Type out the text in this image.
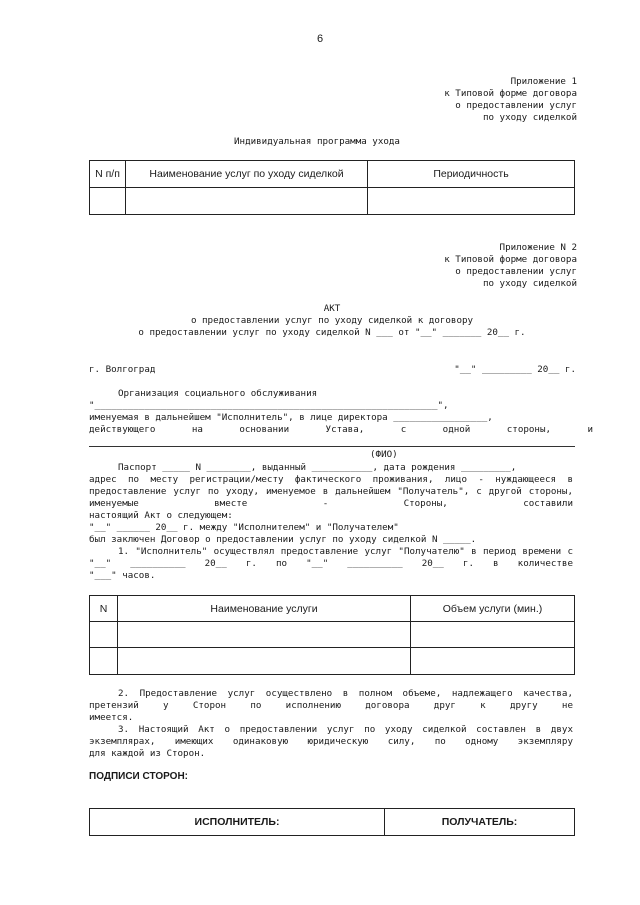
6
Приложение 1
к Типовой форме договора
о предоставлении услуг
по уходу сиделкой
Индивидуальная программа ухода
N п/п	Наименование услуг по уходу сиделкой	Периодичность

Приложение N 2
к Типовой форме договора
о предоставлении услуг
по уходу сиделкой
АКТ
о предоставлении услуг по уходу сиделкой к договору
о предоставлении услуг по уходу сиделкой N ___ от "__" _______ 20__ г.
г. Волгоград	"__" _________ 20__ г.
Организация социального обслуживания
"______________________________________________________________",
именуемая в дальнейшем "Исполнитель", в лице директора _________________,
действующего	на	основании	Устава,	с	одной	стороны,	и
(ФИО)
Паспорт _____ N ________, выданный ___________, дата рождения _________,
адрес по месту регистрации/месту фактического проживания, лицо - нуждающееся в предоставление услуг по уходу, именуемое в дальнейшем "Получатель", с другой стороны, именуемые вместе - Стороны, составили
настоящий Акт о следующем:
"__" ______ 20__ г. между "Исполнителем" и "Получателем"
был заключен Договор о предоставлении услуг по уходу сиделкой N _____.
1. "Исполнитель" осуществлял предоставление услуг "Получателю" в период времени с "__" __________ 20__ г. по "__" __________ 20__ г. в количестве
"___" часов.
N	Наименование услуги	Объем услуги (мин.)

2. Предоставление услуг осуществлено в полном объеме, надлежащего качества, претензий у Сторон по исполнению договора друг к другу не
имеется.
3. Настоящий Акт о предоставлении услуг по уходу сиделкой составлен в двух экземплярах, имеющих одинаковую юридическую силу, по одному экземпляру
для каждой из Сторон.
ПОДПИСИ СТОРОН:
ИСПОЛНИТЕЛЬ:	ПОЛУЧАТЕЛЬ:
